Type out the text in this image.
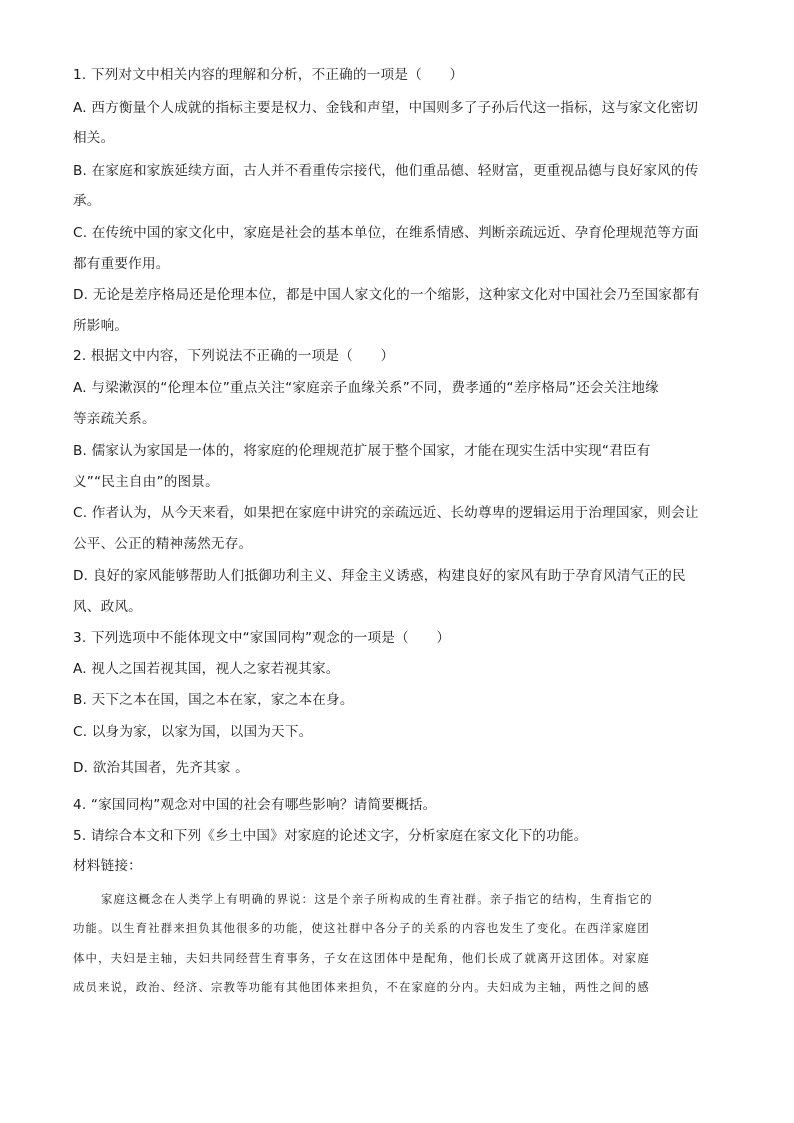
1. 下列对文中相关内容的理解和分析，不正确的一项是（　　）
A. 西方衡量个人成就的指标主要是权力、金钱和声望，中国则多了子孙后代这一指标，这与家文化密切
相关。
B. 在家庭和家族延续方面，古人并不看重传宗接代，他们重品德、轻财富，更重视品德与良好家风的传
承。
C. 在传统中国的家文化中，家庭是社会的基本单位，在维系情感、判断亲疏远近、孕育伦理规范等方面
都有重要作用。
D. 无论是差序格局还是伦理本位，都是中国人家文化的一个缩影，这种家文化对中国社会乃至国家都有
所影响。
2. 根据文中内容，下列说法不正确的一项是（　　）
A. 与梁漱溟的“伦理本位”重点关注“家庭亲子血缘关系”不同，费孝通的“差序格局”还会关注地缘
等亲疏关系。
B. 儒家认为家国是一体的，将家庭的伦理规范扩展于整个国家，才能在现实生活中实现“君臣有
义”“民主自由”的图景。
C. 作者认为，从今天来看，如果把在家庭中讲究的亲疏远近、长幼尊卑的逻辑运用于治理国家，则会让
公平、公正的精神荡然无存。
D. 良好的家风能够帮助人们抵御功利主义、拜金主义诱惑，构建良好的家风有助于孕育风清气正的民
风、政风。
3. 下列选项中不能体现文中“家国同构”观念的一项是（　　）
A. 视人之国若视其国，视人之家若视其家。
B. 天下之本在国，国之本在家，家之本在身。
C. 以身为家，以家为国，以国为天下。
D. 欲治其国者，先齐其家 。
4. “家国同构”观念对中国的社会有哪些影响？请简要概括。
5. 请综合本文和下列《乡土中国》对家庭的论述文字，分析家庭在家文化下的功能。
材料链接：
家庭这概念在人类学上有明确的界说：这是个亲子所构成的生育社群。亲子指它的结构，生育指它的
功能。以生育社群来担负其他很多的功能，使这社群中各分子的关系的内容也发生了变化。在西洋家庭团
体中，夫妇是主轴，夫妇共同经营生育事务，子女在这团体中是配角，他们长成了就离开这团体。对家庭
成员来说，政治、经济、宗教等功能有其他团体来担负，不在家庭的分内。夫妇成为主轴，两性之间的感
